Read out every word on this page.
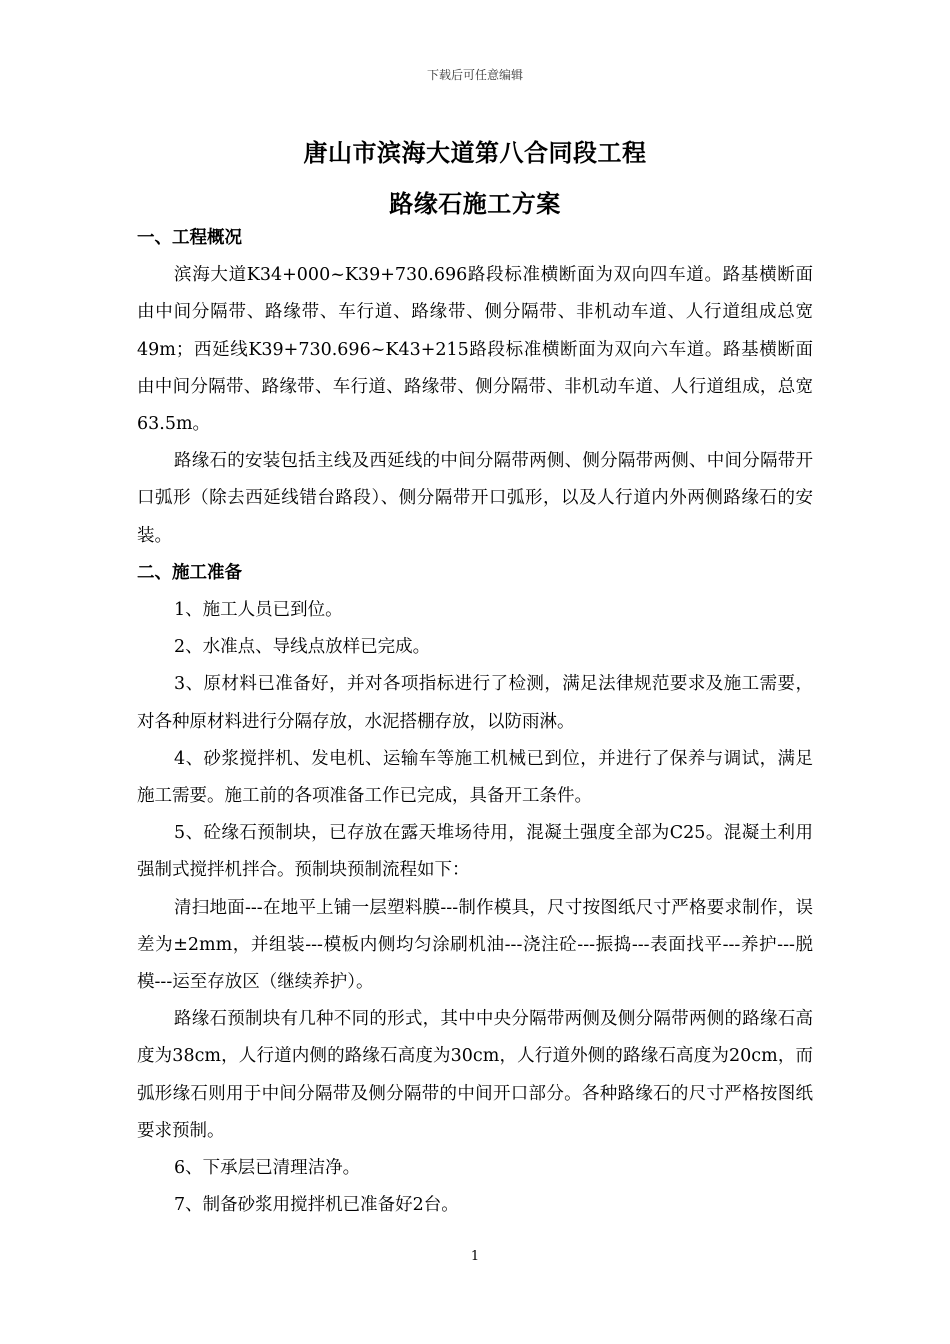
下载后可任意编辑
唐山市滨海大道第八合同段工程
路缘石施工方案

一、工程概况

滨海大道K34+000~K39+730.696路段标准横断面为双向四车道。路基横断面由中间分隔带、路缘带、车行道、路缘带、侧分隔带、非机动车道、人行道组成总宽49m；西延线K39+730.696~K43+215路段标准横断面为双向六车道。路基横断面由中间分隔带、路缘带、车行道、路缘带、侧分隔带、非机动车道、人行道组成，总宽63.5m。

路缘石的安装包括主线及西延线的中间分隔带两侧、侧分隔带两侧、中间分隔带开口弧形（除去西延线错台路段）、侧分隔带开口弧形，以及人行道内外两侧路缘石的安装。

二、施工准备

1、施工人员已到位。

2、水准点、导线点放样已完成。

3、原材料已准备好，并对各项指标进行了检测，满足法律规范要求及施工需要，对各种原材料进行分隔存放，水泥搭棚存放，以防雨淋。

4、砂浆搅拌机、发电机、运输车等施工机械已到位，并进行了保养与调试，满足施工需要。施工前的各项准备工作已完成，具备开工条件。

5、砼缘石预制块，已存放在露天堆场待用，混凝土强度全部为C25。混凝土利用强制式搅拌机拌合。预制块预制流程如下：

清扫地面---在地平上铺一层塑料膜---制作模具，尺寸按图纸尺寸严格要求制作，误差为±2mm，并组装---模板内侧均匀涂刷机油---浇注砼---振捣---表面找平---养护---脱模---运至存放区（继续养护）。

路缘石预制块有几种不同的形式，其中中央分隔带两侧及侧分隔带两侧的路缘石高度为38cm，人行道内侧的路缘石高度为30cm，人行道外侧的路缘石高度为20cm，而弧形缘石则用于中间分隔带及侧分隔带的中间开口部分。各种路缘石的尺寸严格按图纸要求预制。

6、下承层已清理洁净。

7、制备砂浆用搅拌机已准备好2台。

1
